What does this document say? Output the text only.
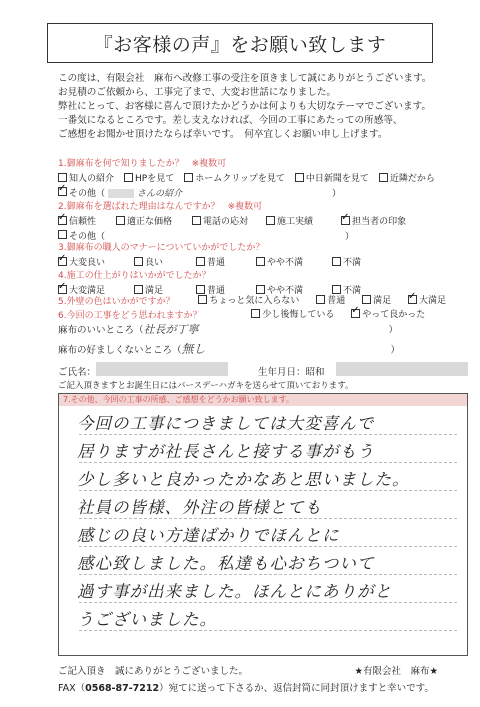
『お客様の声』をお願い致します
この度は、有限会社　麻布へ改修工事の受注を頂きまして誠にありがとうございます。
お見積のご依頼から、工事完了まで、大変お世話になりました。
弊社にとって、お客様に喜んで頂けたかどうかは何よりも大切なテーマでございます。
一番気になるところです。差し支えなければ、今回の工事にあたっての所感等、
ご感想をお聞かせ頂けたならば幸いです。　何卒宜しくお願い申し上げます。
1.御麻布を何で知りましたか？ ※複数可
知人の紹介 HPを見て ホームクリップを見て 中日新聞を見て 近隣だから
✓その他（	さんの紹介	）
2.御麻布を選ばれた理由はなんですか？ ※複数可
✓
信頼性	適正な価格	電話の応対	施工実績 ✓	担当者の印象
その他（	）
3.御麻布の職人のマナーについていかがでしたか？
✓
大変良い	良い	普通	やや不満	不満
4.施工の仕上がりはいかがでしたか？
✓
大変満足	満足	普通	やや不満	不満
5.外壁の色はいかがですか？	ちょっと気に入らない
	普通
	満足
✓	大満足
6.今回の工事をどう思われますか？	少し後悔している
✓	やって良かった
麻布のいいところ（社長が丁寧	）
麻布の好ましくないところ（無し	）
ご氏名：	生年月日：昭和
ご記入頂きますとお誕生日にはバースデーハガキを送らせて頂いております。
7.その他、今回の工事の所感、ご感想をどうかお願い致します。
今回の工事につきましては大変喜んで
居りますが社長さんと接する事がもう
少し多いと良かったかなあと思いました。
社員の皆様、外注の皆様とても
感じの良い方達ばかりでほんとに
感心致しました。私達も心おちついて
過す事が出来ました。ほんとにありがと
うございました。
ご記入頂き　誠にありがとうございました。	★有限会社　麻布★
FAX（0568-87-7212）宛てに送って下さるか、返信封筒に同封頂けますと幸いです。
